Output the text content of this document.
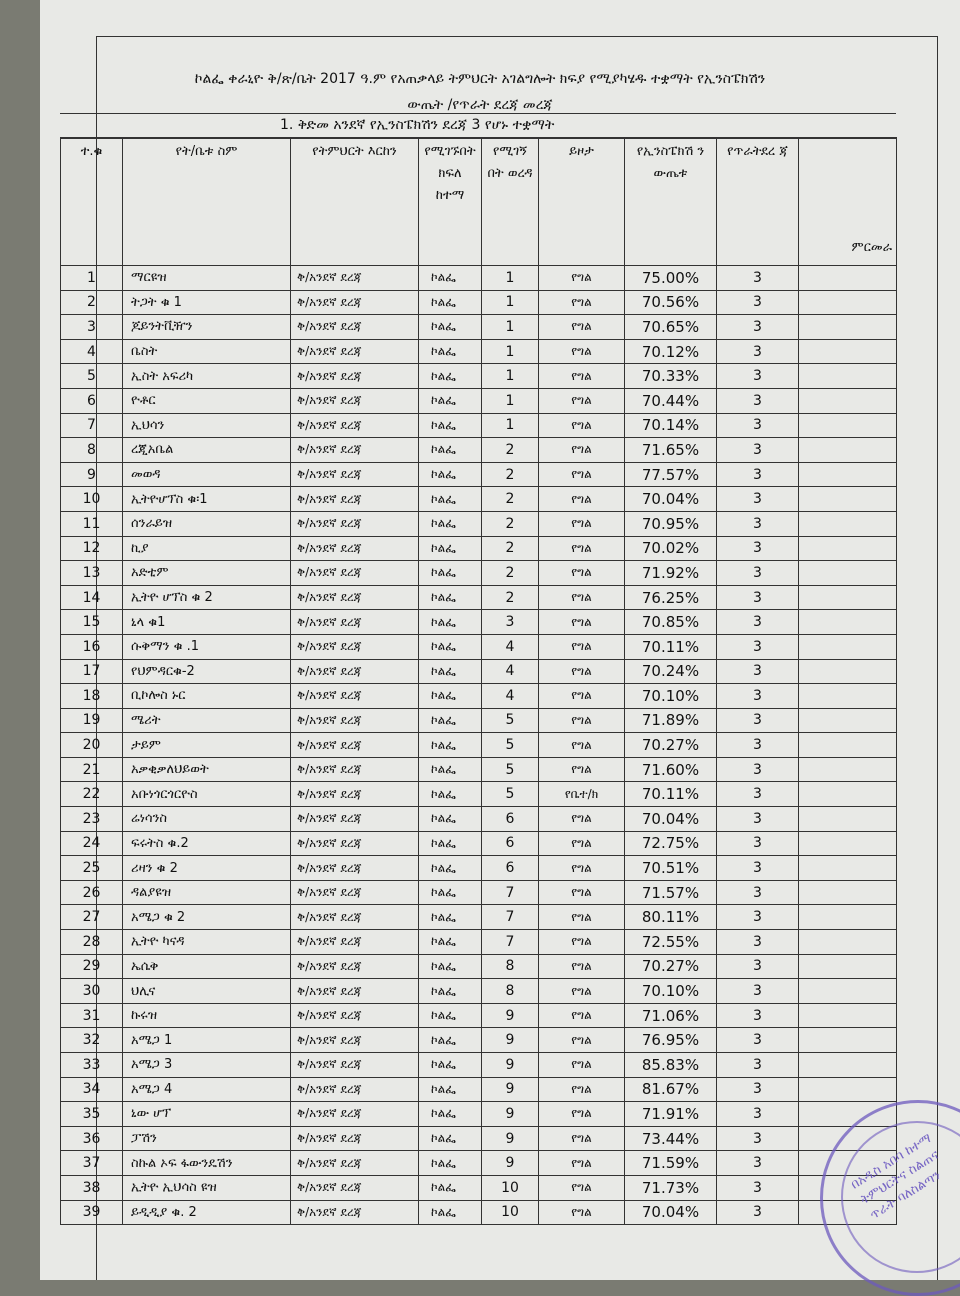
ኮልፌ ቀራኒዮ ቅ/ጽ/ቤት 2017 ዓ.ም የአጠቃላይ ትምህርት አገልግሎት ክፍያ የሚያካሄዱ ተቋማት የኢንስፔክሽን
ውጤት /የጥራት ደረጃ መረጃ
1. ቅድመ አንደኛ የኢንስፔክሽን ደረጃ 3 የሆኑ ተቋማት
ተ.ቁ	የት/ቤቱ ስም	የትምህርት እርከን	የሚገኙበት ክፍለ ከተማ	የሚገኝ በት ወረዳ	ይዞታ	የኢንስፔክሽ ን ውጤቱ	የጥራትደረ ጃ	ምርመራ
1	ማርዩዝ	ቅ/አንደኛ ደረጃ	ኮልፌ	1	የግል	75.00%	3	
2	ትጋት ቁ 1	ቅ/አንደኛ ደረጃ	ኮልፌ	1	የግል	70.56%	3	
3	ጆይንትቪዥን	ቅ/አንደኛ ደረጃ	ኮልፌ	1	የግል	70.65%	3	
4	ቤስት	ቅ/አንደኛ ደረጃ	ኮልፌ	1	የግል	70.12%	3	
5	ኢስት አፍሪካ	ቅ/አንደኛ ደረጃ	ኮልፌ	1	የግል	70.33%	3	
6	ዮቶር	ቅ/አንደኛ ደረጃ	ኮልፌ	1	የግል	70.44%	3	
7	ኢህሳን	ቅ/አንደኛ ደረጃ	ኮልፌ	1	የግል	70.14%	3	
8	ረጂአቤል	ቅ/አንደኛ ደረጃ	ኮልፌ	2	የግል	71.65%	3	
9	መወዳ	ቅ/አንደኛ ደረጃ	ኮልፌ	2	የግል	77.57%	3	
10	ኢትዮሆፕስ ቁ፡1	ቅ/አንደኛ ደረጃ	ኮልፌ	2	የግል	70.04%	3	
11	ሰንራይዝ	ቅ/አንደኛ ደረጃ	ኮልፌ	2	የግል	70.95%	3	
12	ኪያ	ቅ/አንደኛ ደረጃ	ኮልፌ	2	የግል	70.02%	3	
13	አድቲም	ቅ/አንደኛ ደረጃ	ኮልፌ	2	የግል	71.92%	3	
14	ኢትዮ ሆፕስ ቁ 2	ቅ/አንደኛ ደረጃ	ኮልፌ	2	የግል	76.25%	3	
15	ኒላ ቁ1	ቅ/አንደኛ ደረጃ	ኮልፌ	3	የግል	70.85%	3	
16	ሱቅማን ቁ .1	ቅ/አንደኛ ደረጃ	ኮልፌ	4	የግል	70.11%	3	
17	የህምዳርቁ-2	ቅ/አንደኛ ደረጃ	ኮልፌ	4	የግል	70.24%	3	
18	ቢኮሎስ ኑር	ቅ/አንደኛ ደረጃ	ኮልፌ	4	የግል	70.10%	3	
19	ሜሪት	ቅ/አንደኛ ደረጃ	ኮልፌ	5	የግል	71.89%	3	
20	ታይም	ቅ/አንደኛ ደረጃ	ኮልፌ	5	የግል	70.27%	3	
21	አቃቂቃለህይወት	ቅ/አንደኛ ደረጃ	ኮልፌ	5	የግል	71.60%	3	
22	አቡነጎርጎርዮስ	ቅ/አንደኛ ደረጃ	ኮልፌ	5	የቤተ/ክ	70.11%	3	
23	ሬነሳንስ	ቅ/አንደኛ ደረጃ	ኮልፌ	6	የግል	70.04%	3	
24	ፍሩትስ ቁ.2	ቅ/አንደኛ ደረጃ	ኮልፌ	6	የግል	72.75%	3	
25	ሪዛን ቁ 2	ቅ/አንደኛ ደረጃ	ኮልፌ	6	የግል	70.51%	3	
26	ዳልያዩዝ	ቅ/አንደኛ ደረጃ	ኮልፌ	7	የግል	71.57%	3	
27	አሜጋ ቁ 2	ቅ/አንደኛ ደረጃ	ኮልፌ	7	የግል	80.11%	3	
28	ኢትዮ ካናዳ	ቅ/አንደኛ ደረጃ	ኮልፌ	7	የግል	72.55%	3	
29	ኤሴቅ	ቅ/አንደኛ ደረጃ	ኮልፌ	8	የግል	70.27%	3	
30	ህሊና	ቅ/አንደኛ ደረጃ	ኮልፌ	8	የግል	70.10%	3	
31	ኩሩዝ	ቅ/አንደኛ ደረጃ	ኮልፌ	9	የግል	71.06%	3	
32	አሜጋ 1	ቅ/አንደኛ ደረጃ	ኮልፌ	9	የግል	76.95%	3	
33	አሜጋ 3	ቅ/አንደኛ ደረጃ	ኮልፌ	9	የግል	85.83%	3	
34	አሜጋ 4	ቅ/አንደኛ ደረጃ	ኮልፌ	9	የግል	81.67%	3	
35	ኒው ሆፕ	ቅ/አንደኛ ደረጃ	ኮልፌ	9	የግል	71.91%	3	
36	ፓሽን	ቅ/አንደኛ ደረጃ	ኮልፌ	9	የግል	73.44%	3	
37	ስኩል ኦፍ ፋውንዴሽን	ቅ/አንደኛ ደረጃ	ኮልፌ	9	የግል	71.59%	3	
38	ኢትዮ ኢህሳስ ዩዝ	ቅ/አንደኛ ደረጃ	ኮልፌ	10	የግል	71.73%	3	
39	ይዲዲያ ቁ. 2	ቅ/አንደኛ ደረጃ	ኮልፌ	10	የግል	70.04%	3	
በአዲስ አበባ ከተማ ትምህርትና ስልጠና ጥራት ባለስልጣን
